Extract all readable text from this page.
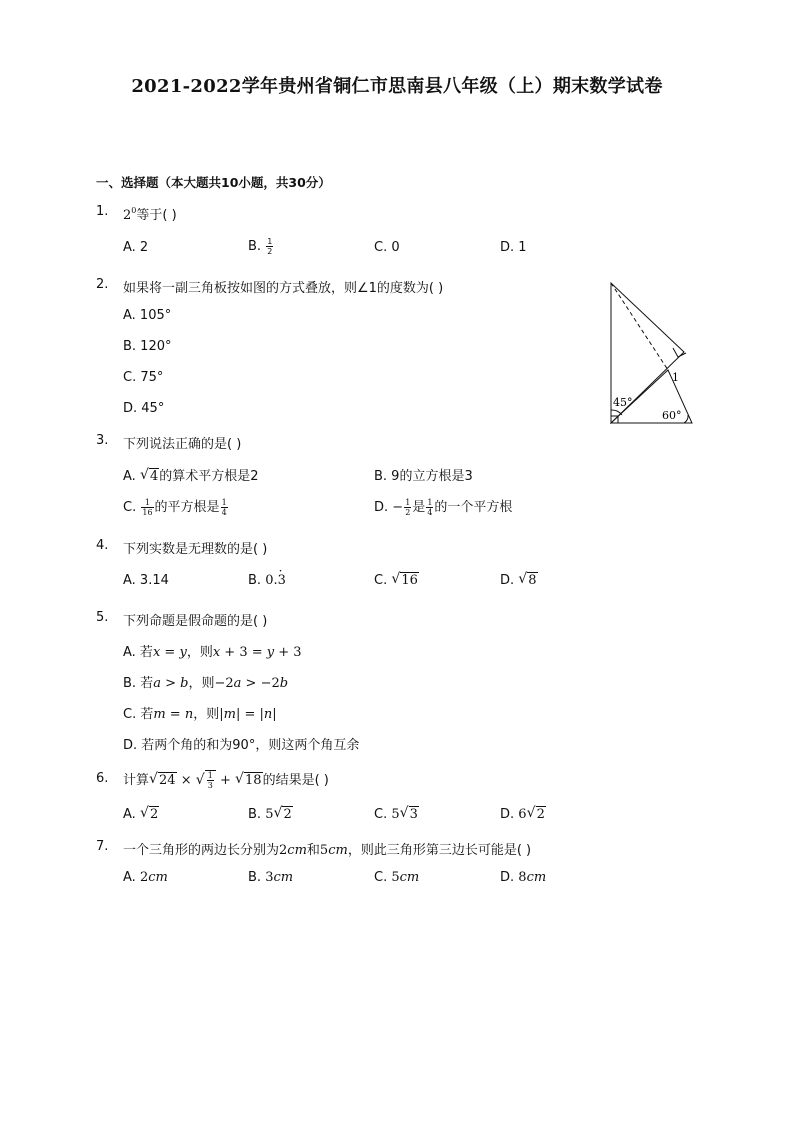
2021-2022学年贵州省铜仁市思南县八年级（上）期末数学试卷
一、选择题（本大题共10小题，共30分）
1.	$2^0$等于( )
A. 2	B. $\frac{1}{2}$	C. 0	D. 1
2.	如果将一副三角板按如图的方式叠放，则∠1的度数为( )
A. 105°
B. 120°
C. 75°
D. 45°
1
45°
60°
3.	下列说法正确的是( )
A. √ 4的算术平方根是2	B. 9的立方根是3
C. $\frac{1}{16}$ 的平方根是 $\frac{1}{4}$	D. − $\frac{1}{2}$ 是 $\frac{1}{4}$ 的一个平方根
4.	下列实数是无理数的是( )
A. 3.14	B. 0.3 ·	C. √ 16	D. √ 8
5.	下列命题是假命题的是( )
A. 若x = y，则x + 3 = y + 3
B. 若a > b，则−2a > −2b
C. 若m = n，则|m| = |n|
D. 若两个角的和为90°，则这两个角互余
6.	计算 √ 24 × √ $\frac{1}{3}$ + √ 18的结果是( )
A. √ 2	B. 5 √ 2	C. 5 √ 3	D. 6 √ 2
7.	一个三角形的两边长分别为2cm和5cm，则此三角形第三边长可能是( )
A. 2cm	B. 3cm	C. 5cm	D. 8cm
